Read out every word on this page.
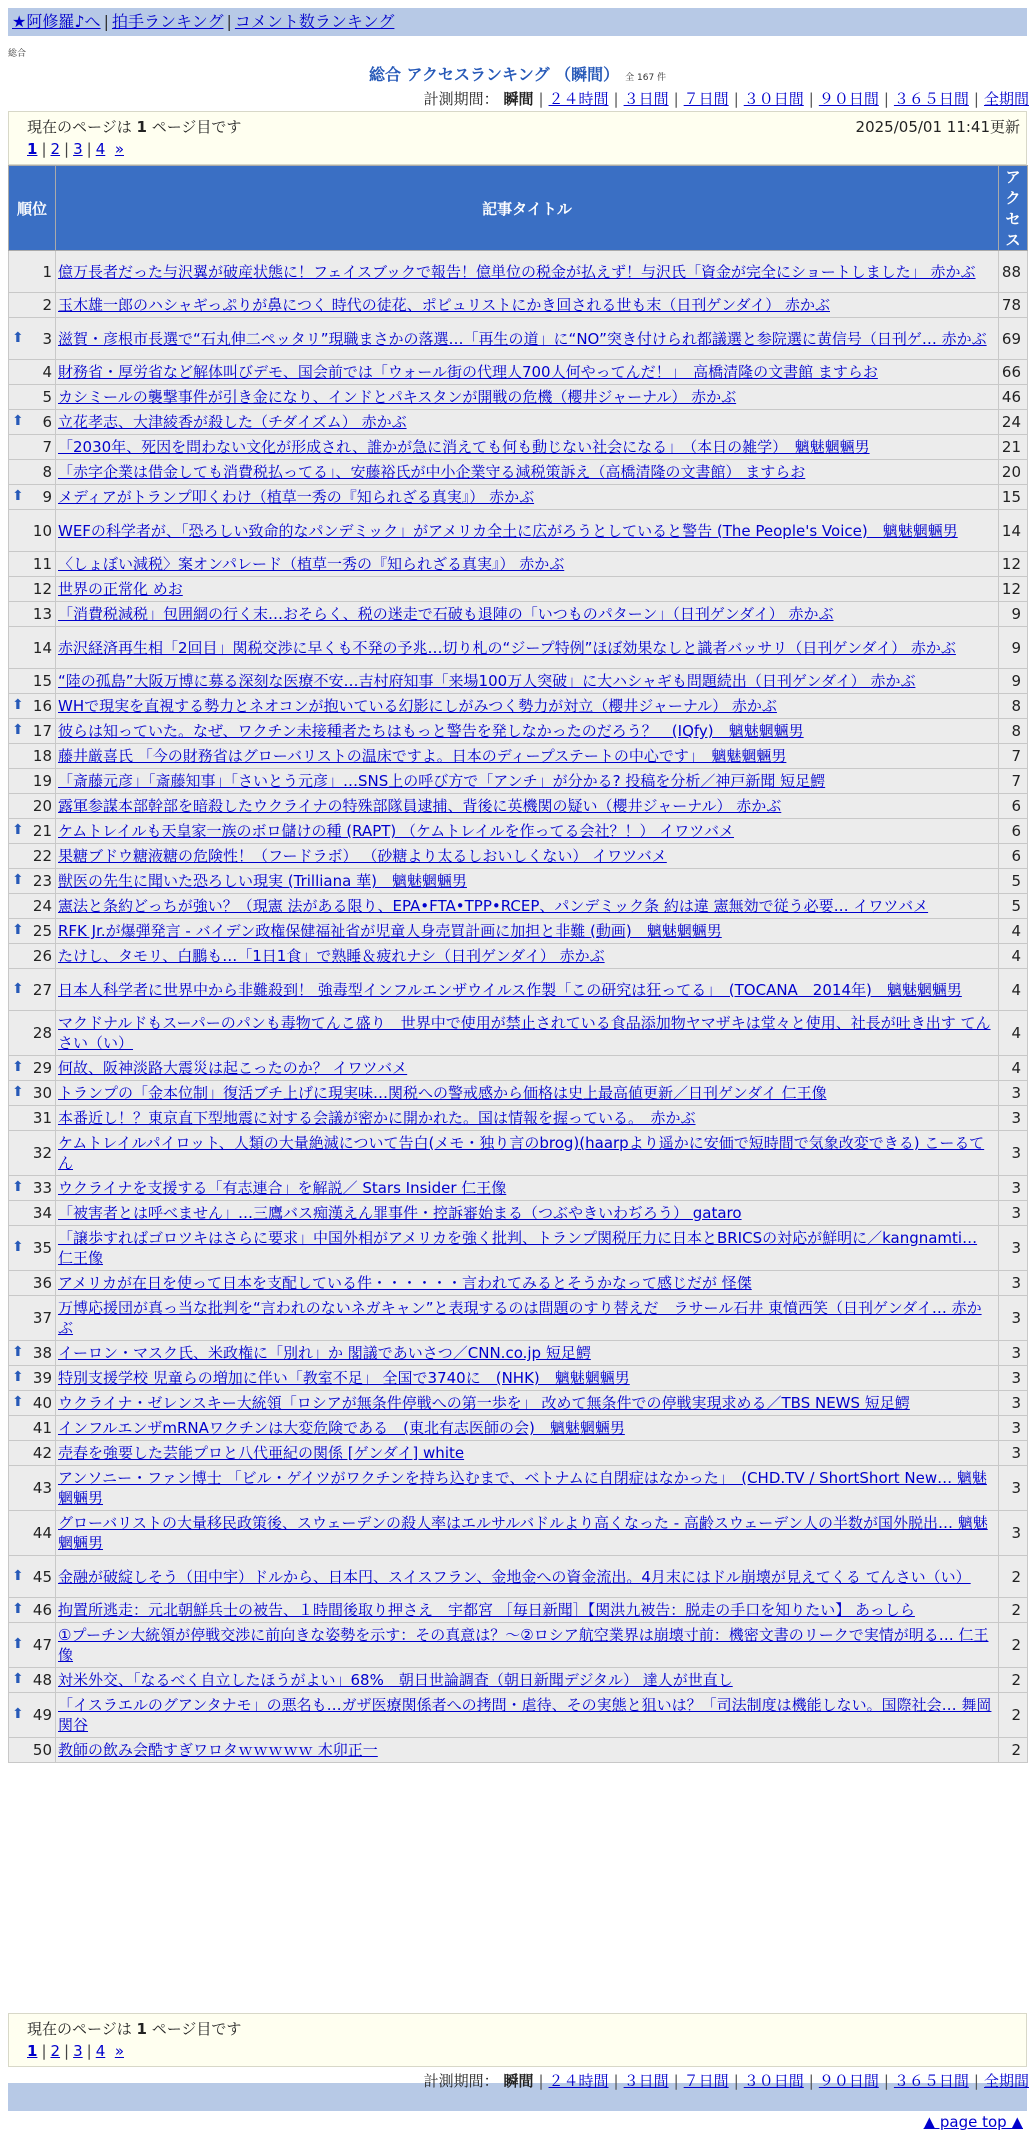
★阿修羅♪へ | 拍手ランキング | コメント数ランキング
総合
総合 アクセスランキング （瞬間） 全 167 件
計測期間： 瞬間 | ２４時間 | ３日間 | ７日間 | ３０日間 | ９０日間 | ３６５日間 | 全期間
現在のページは 1 ページ目です	2025/05/01 11:41更新
1 | 2 | 3 | 4 »
順位	記事タイトル	アクセス
1	億万長者だった与沢翼が破産状態に！フェイスブックで報告！億単位の税金が払えず！与沢氏「資金が完全にショートしました」 赤かぶ	88
2	玉木雄一郎のハシャギっぷりが鼻につく 時代の徒花、ポピュリストにかき回される世も末（日刊ゲンダイ） 赤かぶ	78

⬆ 3	滋賀・彦根市長選で“石丸伸二ペッタリ”現職まさかの落選…「再生の道」に“NO”突き付けられ都議選と参院選に黄信号（日刊ゲ… 赤かぶ	69
4	財務省・厚労省など解体叫びデモ、国会前では「ウォール街の代理人700人何やってんだ！」　高橋清隆の文書館 ますらお	66
5	カシミールの襲撃事件が引き金になり、インドとパキスタンが開戦の危機（櫻井ジャーナル） 赤かぶ	46

⬆ 6	立花孝志、大津綾香が殺した（チダイズム） 赤かぶ	24
7	「2030年、死因を問わない文化が形成され、誰かが急に消えても何も動じない社会になる」　（本日の雑学）　魑魅魍魎男	21
8	「赤字企業は借金しても消費税払ってる」、安藤裕氏が中小企業守る減税策訴え（高橋清隆の文書館） ますらお	20

⬆ 9	メディアがトランプ叩くわけ（植草一秀の『知られざる真実』） 赤かぶ	15
10	WEFの科学者が、「恐ろしい致命的なパンデミック」がアメリカ全土に広がろうとしていると警告 (The People's Voice)　魑魅魍魎男	14
11	〈しょぼい減税〉案オンパレード（植草一秀の『知られざる真実』） 赤かぶ	12
12	世界の正常化 めお	12
13	「消費税減税」包囲網の行く末…おそらく、税の迷走で石破も退陣の「いつものパターン」（日刊ゲンダイ） 赤かぶ	9
14	赤沢経済再生相「2回目」関税交渉に早くも不発の予兆…切り札の“ジープ特例”ほぼ効果なしと識者バッサリ（日刊ゲンダイ） 赤かぶ	9
15	“陸の孤島”大阪万博に募る深刻な医療不安…吉村府知事「来場100万人突破」に大ハシャギも問題続出（日刊ゲンダイ） 赤かぶ	9

⬆ 16	WHで現実を直視する勢力とネオコンが抱いている幻影にしがみつく勢力が対立（櫻井ジャーナル） 赤かぶ	8

⬆ 17	彼らは知っていた。なぜ、ワクチン未接種者たちはもっと警告を発しなかったのだろう？　(IQfy)　魑魅魍魎男	8
18	藤井厳喜氏 「今の財務省はグローバリストの温床ですよ。日本のディープステートの中心です」　魑魅魍魎男	7
19	「斎藤元彦」「斎藤知事」「さいとう元彦」…SNS上の呼び方で「アンチ」が分かる? 投稿を分析／神戸新聞 短足鰐	7
20	露軍参謀本部幹部を暗殺したウクライナの特殊部隊員逮捕、背後に英機関の疑い（櫻井ジャーナル） 赤かぶ	6

⬆ 21	ケムトレイルも天皇家一族のボロ儲けの種 (RAPT) （ケムトレイルを作ってる会社？！） イワツバメ	6
22	果糖ブドウ糖液糖の危険性！（フードラボ） （砂糖より太るしおいしくない） イワツバメ	6

⬆ 23	獣医の先生に聞いた恐ろしい現実 (Trilliana 華)　魑魅魍魎男	5
24	憲法と条約どっちが強い？（現憲 法がある限り、EPA•FTA•TPP•RCEP、パンデミック条 約は違 憲無効で従う必要… イワツバメ	5

⬆ 25	RFK Jr.が爆弾発言 - バイデン政権保健福祉省が児童人身売買計画に加担と非難 (動画)　魑魅魍魎男	4
26	たけし、タモリ、白鵬も…「1日1食」で熟睡＆疲れナシ（日刊ゲンダイ） 赤かぶ	4

⬆ 27	日本人科学者に世界中から非難殺到！ 強毒型インフルエンザウイルス作製「この研究は狂ってる」　(TOCANA　2014年)　魑魅魍魎男	4
28	マクドナルドもスーパーのパンも毒物てんこ盛り　世界中で使用が禁止されている食品添加物ヤマザキは堂々と使用、社長が吐き出す てんさい（い）	4

⬆ 29	何故、阪神淡路大震災は起こったのか？ イワツバメ	4

⬆ 30	トランプの「金本位制」復活ブチ上げに現実味…関税への警戒感から価格は史上最高値更新／日刊ゲンダイ 仁王像	3
31	本番近し！？東京直下型地震に対する会議が密かに開かれた。国は情報を握っている。　赤かぶ	3
32	ケムトレイルパイロット、人類の大量絶滅について告白(メモ・独り言のbrog)(haarpより遥かに安価で短時間で気象改変できる) こーるてん	3

⬆ 33	ウクライナを支援する「有志連合」を解説／ Stars Insider 仁王像	3
34	「被害者とは呼べません」…三鷹バス痴漢えん罪事件・控訴審始まる（つぶやきいわぢろう） gataro	3

⬆ 35	「譲歩すればゴロツキはさらに要求」中国外相がアメリカを強く批判、トランプ関税圧力に日本とBRICSの対応が鮮明に／kangnamti… 仁王像	3
36	アメリカが在日を使って日本を支配している件・・・・・・言われてみるとそうかなって感じだが 怪傑	3
37	万博応援団が真っ当な批判を“言われのないネガキャン”と表現するのは問題のすり替えだ　ラサール石井 東憤西笑（日刊ゲンダイ… 赤かぶ	3

⬆ 38	イーロン・マスク氏、米政権に「別れ」か 閣議であいさつ／CNN.co.jp 短足鰐	3

⬆ 39	特別支援学校 児童らの増加に伴い「教室不足」 全国で3740に　(NHK)　魑魅魍魎男	3

⬆ 40	ウクライナ・ゼレンスキー大統領「ロシアが無条件停戦への第一歩を」 改めて無条件での停戦実現求める／TBS NEWS 短足鰐	3
41	インフルエンザmRNAワクチンは大変危険である　(東北有志医師の会)　魑魅魍魎男	3
42	売春を強要した芸能プロと八代亜紀の関係 [ゲンダイ] white	3
43	アンソニー・ファン博士 「ビル・ゲイツがワクチンを持ち込むまで、ベトナムに自閉症はなかった」　(CHD.TV / ShortShort New… 魑魅魍魎男	3
44	グローバリストの大量移民政策後、スウェーデンの殺人率はエルサルバドルより高くなった - 高齢スウェーデン人の半数が国外脱出… 魑魅魍魎男	3

⬆ 45	金融が破綻しそう（田中宇）ドルから、日本円、スイスフラン、金地金への資金流出。4月末にはドル崩壊が見えてくる てんさい（い）	2

⬆ 46	拘置所逃走：元北朝鮮兵士の被告、１時間後取り押さえ　宇都宮 ［毎日新聞］【関洪九被告：脱走の手口を知りたい】 あっしら	2

⬆ 47	①プーチン大統領が停戦交渉に前向きな姿勢を示す：その真意は？〜②ロシア航空業界は崩壊寸前：機密文書のリークで実情が明る… 仁王像	2

⬆ 48	対米外交、「なるべく自立したほうがよい」68%　朝日世論調査（朝日新聞デジタル） 達人が世直し	2

⬆ 49	「イスラエルのグアンタナモ」の悪名も…ガザ医療関係者への拷問・虐待、その実態と狙いは？「司法制度は機能しない。国際社会… 舞岡関谷	2
50	教師の飲み会酷すぎワロタｗｗｗｗｗ 木卯正一	2
現在のページは 1 ページ目です
1 | 2 | 3 | 4 »
計測期間： 瞬間 | ２４時間 | ３日間 | ７日間 | ３０日間 | ９０日間 | ３６５日間 | 全期間
▲ page top ▲
